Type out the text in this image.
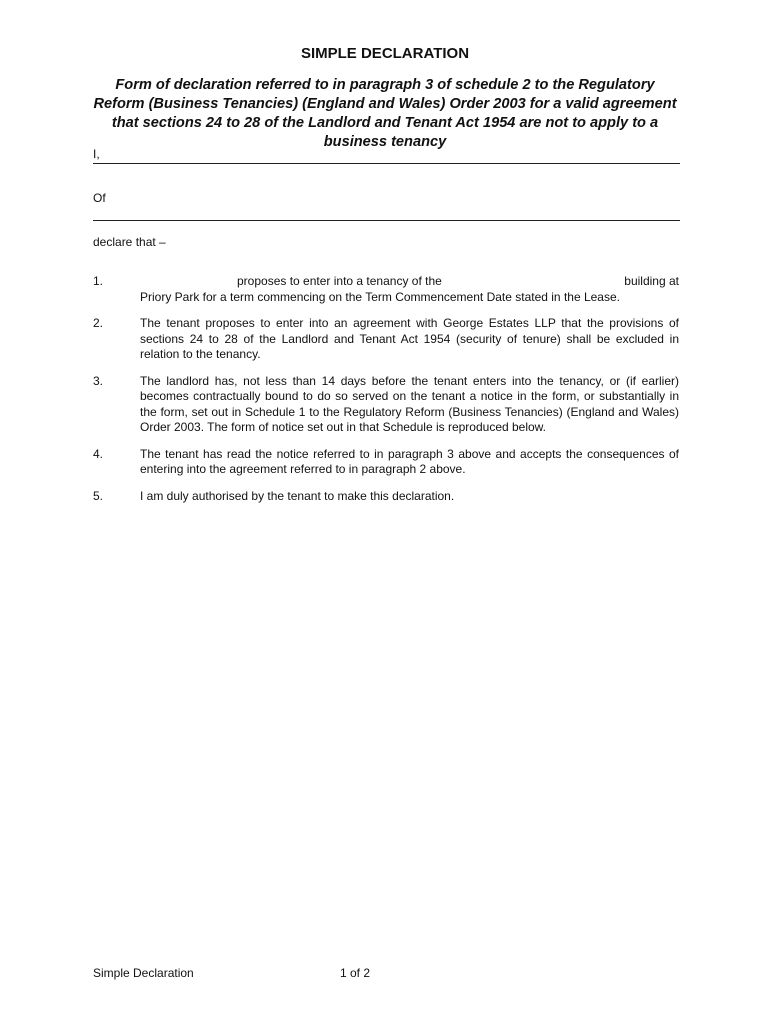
SIMPLE DECLARATION
Form of declaration referred to in paragraph 3 of schedule 2 to the Regulatory Reform (Business Tenancies) (England and Wales) Order 2003 for a valid agreement that sections 24 to 28 of the Landlord and Tenant Act 1954 are not to apply to a business tenancy
I,
Of
declare that –
1.	proposes to enter into a tenancy of the	building at
Priory Park for a term commencing on the Term Commencement Date stated in the Lease.
2.	The tenant proposes to enter into an agreement with George Estates LLP that the provisions of sections 24 to 28 of the Landlord and Tenant Act 1954 (security of tenure) shall be excluded in relation to the tenancy.
3.	The landlord has, not less than 14 days before the tenant enters into the tenancy, or (if earlier) becomes contractually bound to do so served on the tenant a notice in the form, or substantially in the form, set out in Schedule 1 to the Regulatory Reform (Business Tenancies) (England and Wales) Order 2003. The form of notice set out in that Schedule is reproduced below.
4.	The tenant has read the notice referred to in paragraph 3 above and accepts the consequences of entering into the agreement referred to in paragraph 2 above.
5.	I am duly authorised by the tenant to make this declaration.
Simple Declaration	1 of 2
